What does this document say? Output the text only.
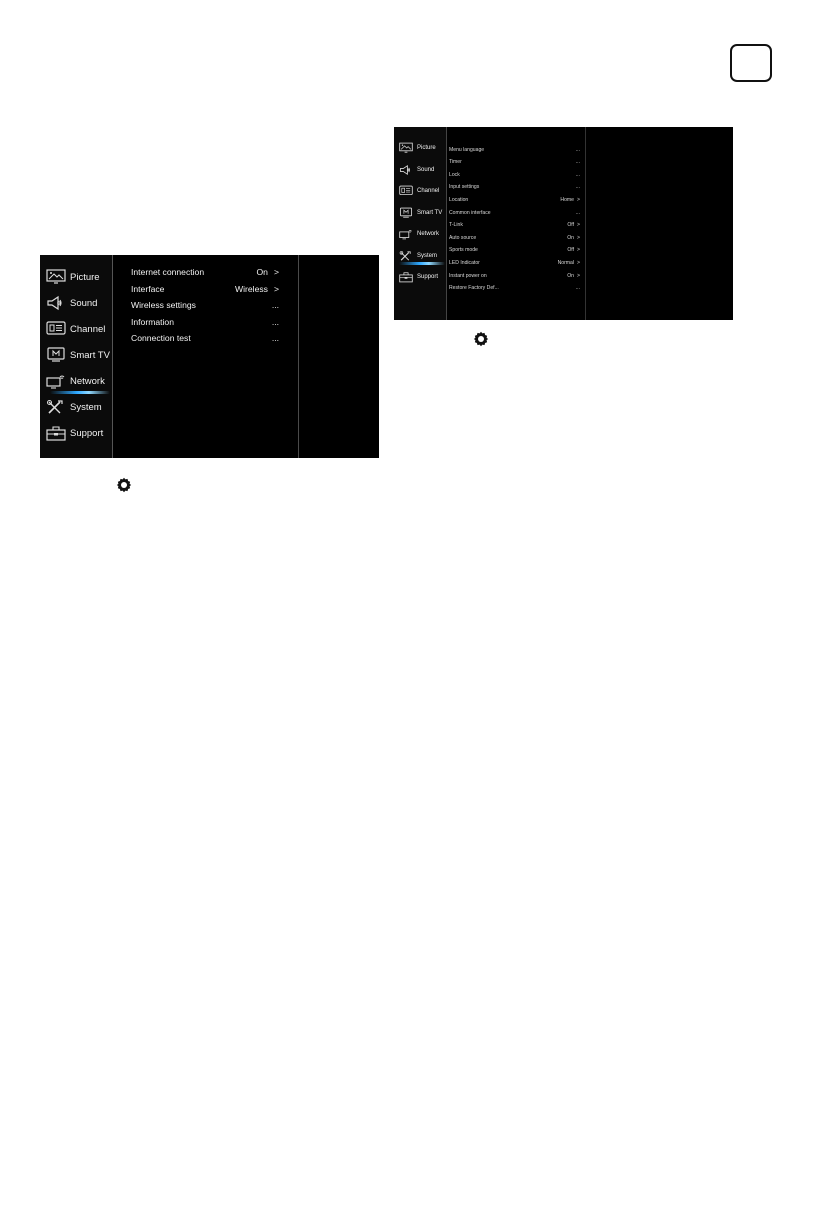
Picture
Sound
Channel
Smart TV
Network
System
Support
Internet connection	On >
Interface	Wireless >
Wireless settings	...
Information	...
Connection test	...
Picture
Sound
Channel
Smart TV
Network
System
Support
Menu language	...
Timer	...
Lock	...
Input settings	...
Location	Home >
Common interface	...
T-Link	Off >
Auto source	On >
Sports mode	Off >
LED Indicator	Normal >
Instant power on	On >
Restore Factory Def...	...
